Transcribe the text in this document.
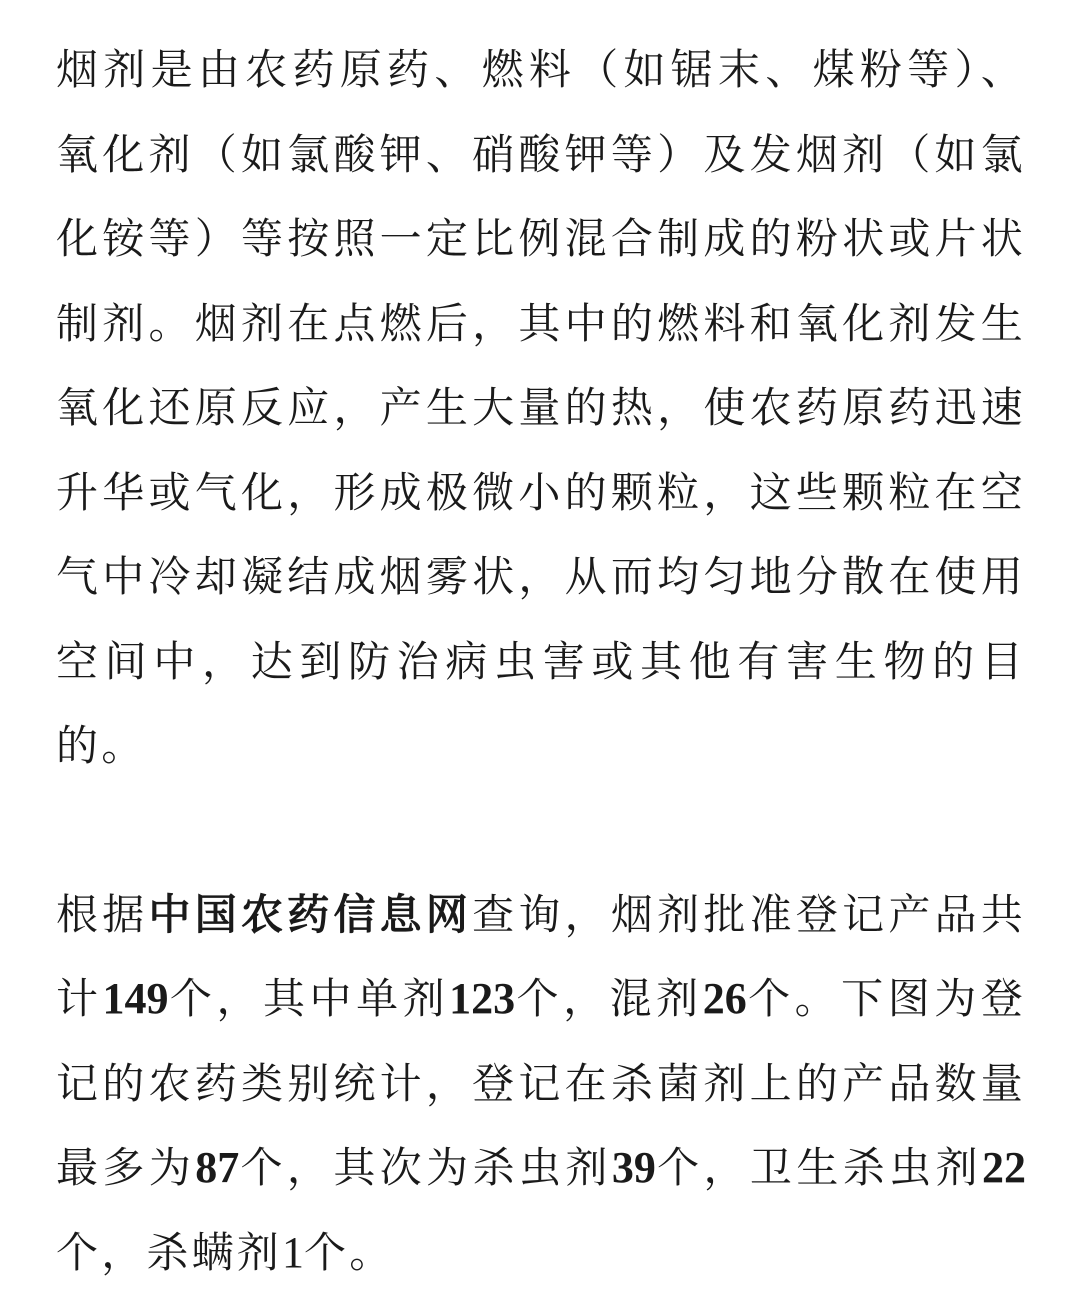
烟剂是由农药原药、燃料（如锯末、煤粉等）、氧化剂（如氯酸钾、硝酸钾等）及发烟剂（如氯化铵等）等按照一定比例混合制成的粉状或片状制剂。烟剂在点燃后，其中的燃料和氧化剂发生氧化还原反应，产生大量的热，使农药原药迅速升华或气化，形成极微小的颗粒，这些颗粒在空气中冷却凝结成烟雾状，从而均匀地分散在使用空间中，达到防治病虫害或其他有害生物的目的。

根据中国农药信息网查询，烟剂批准登记产品共计149个，其中单剂123个，混剂26个。下图为登记的农药类别统计，登记在杀菌剂上的产品数量最多为87个，其次为杀虫剂39个，卫生杀虫剂22个，杀螨剂1个。
